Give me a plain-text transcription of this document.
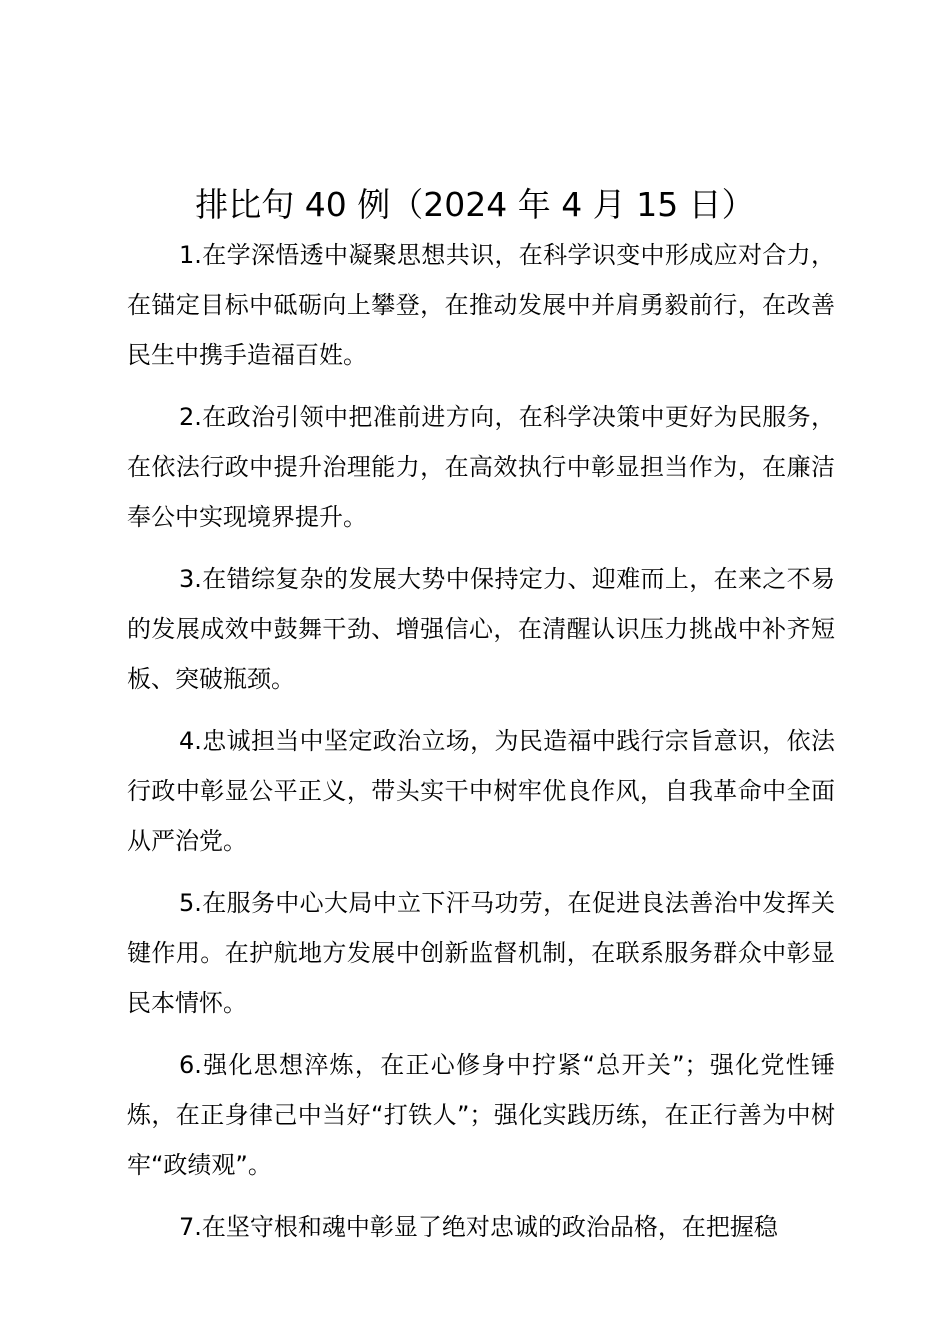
排比句 40 例（2024 年 4 月 15 日）

1.在学深悟透中凝聚思想共识，在科学识变中形成应对合力，在锚定目标中砥砺向上攀登，在推动发展中并肩勇毅前行，在改善民生中携手造福百姓。

2.在政治引领中把准前进方向，在科学决策中更好为民服务，在依法行政中提升治理能力，在高效执行中彰显担当作为，在廉洁奉公中实现境界提升。

3.在错综复杂的发展大势中保持定力、迎难而上，在来之不易的发展成效中鼓舞干劲、增强信心，在清醒认识压力挑战中补齐短板、突破瓶颈。

4.忠诚担当中坚定政治立场，为民造福中践行宗旨意识，依法行政中彰显公平正义，带头实干中树牢优良作风，自我革命中全面从严治党。

5.在服务中心大局中立下汗马功劳，在促进良法善治中发挥关键作用。在护航地方发展中创新监督机制，在联系服务群众中彰显民本情怀。

6.强化思想淬炼，在正心修身中拧紧“总开关”；强化党性锤炼，在正身律己中当好“打铁人”；强化实践历练，在正行善为中树牢“政绩观”。

7.在坚守根和魂中彰显了绝对忠诚的政治品格，在把握稳
